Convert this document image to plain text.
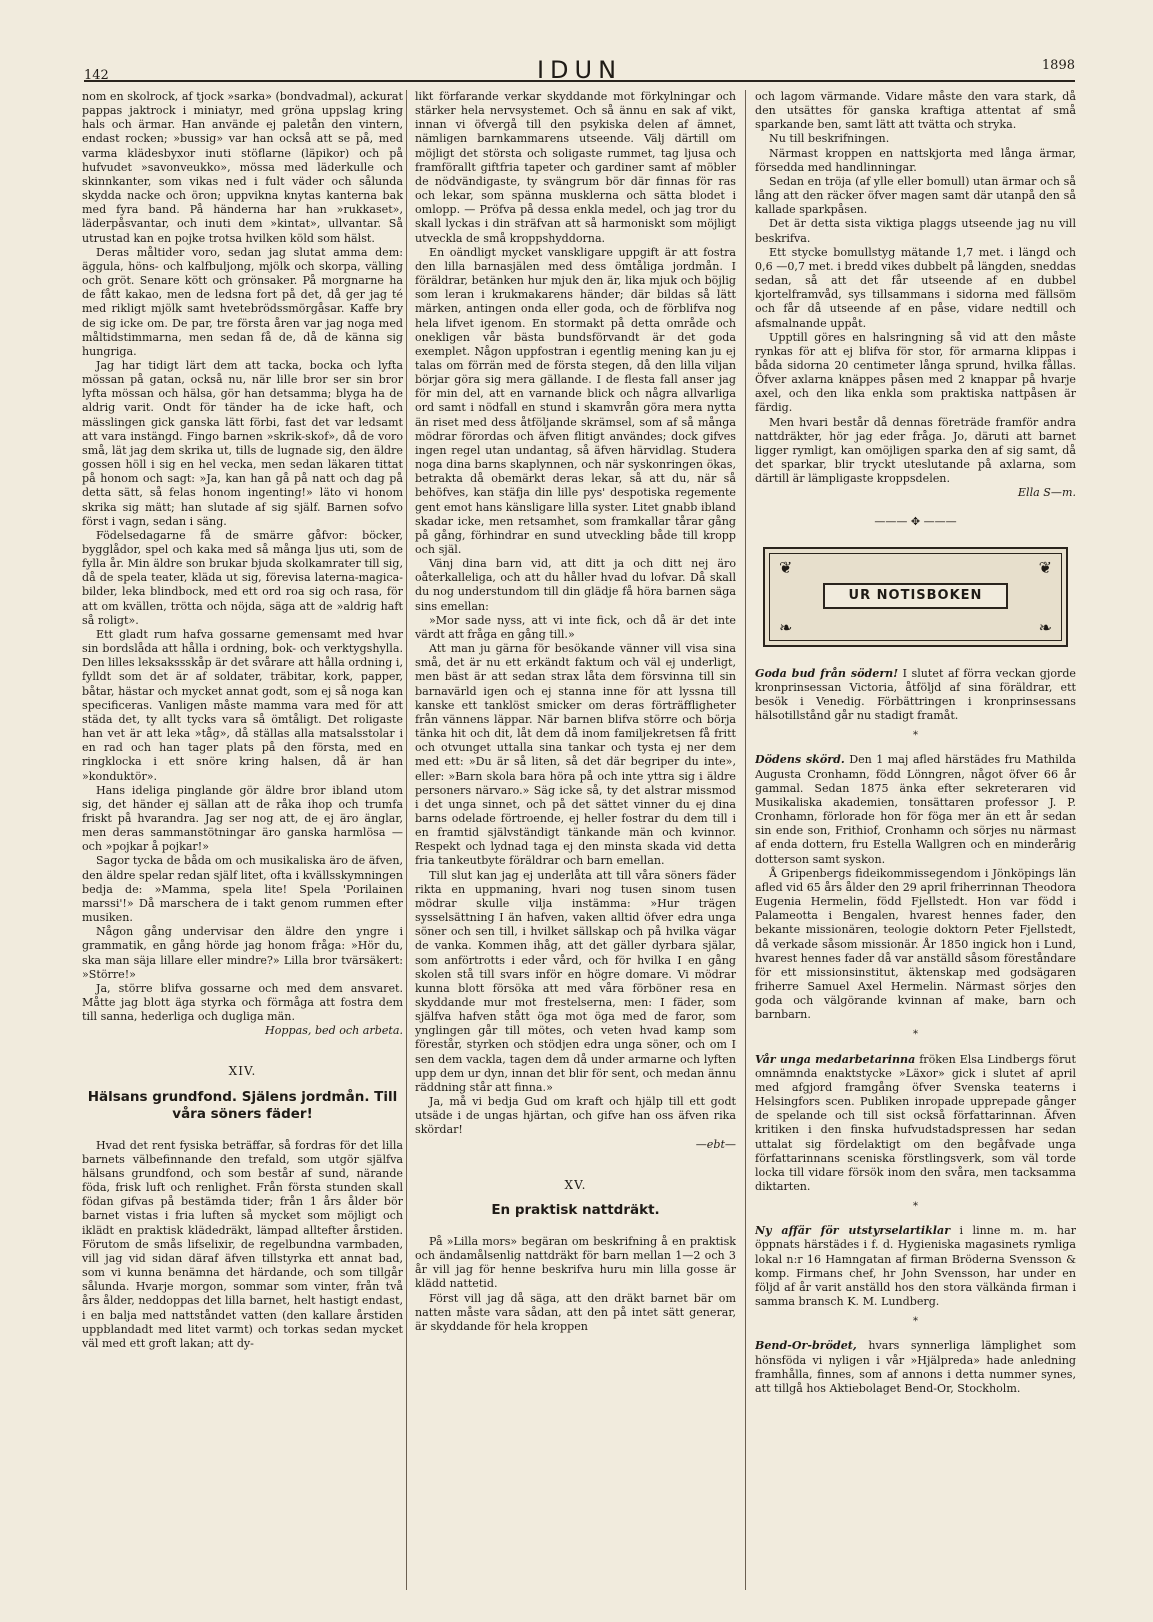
142	IDUN	1898

nom en skolrock, af tjock »sarka» (bondvadmal), ackurat pappas jaktrock i miniatyr, med gröna uppslag kring hals och ärmar. Han använde ej paletån den vintern, endast rocken; »bussig» var han också att se på, med varma klädesbyxor inuti stöflarne (läpikor) och på hufvudet »savonveukko», mössa med läderkulle och skinnkanter, som vikas ned i fult väder och sålunda skydda nacke och öron; uppvikna knytas kanterna bak med fyra band. På händerna har han »rukkaset», läderpåsvantar, och inuti dem »kintat», ullvantar. Så utrustad kan en pojke trotsa hvilken köld som hälst.

Deras måltider voro, sedan jag slutat amma dem: äggula, höns- och kalfbuljong, mjölk och skorpa, välling och gröt. Senare kött och grönsaker. På morgnarne ha de fått kakao, men de ledsna fort på det, då ger jag té med rikligt mjölk samt hvetebrödssmörgåsar. Kaffe bry de sig icke om. De par, tre första åren var jag noga med måltidstimmarna, men sedan få de, då de känna sig hungriga.

Jag har tidigt lärt dem att tacka, bocka och lyfta mössan på gatan, också nu, när lille bror ser sin bror lyfta mössan och hälsa, gör han detsamma; blyga ha de aldrig varit. Ondt för tänder ha de icke haft, och mässlingen gick ganska lätt förbi, fast det var ledsamt att vara instängd. Fingo barnen »skrik-skof», då de voro små, lät jag dem skrika ut, tills de lugnade sig, den äldre gossen höll i sig en hel vecka, men sedan läkaren tittat på honom och sagt: »Ja, kan han gå på natt och dag på detta sätt, så felas honom ingenting!» läto vi honom skrika sig mätt; han slutade af sig själf. Barnen sofvo först i vagn, sedan i säng.

Födelsedagarne få de smärre gåfvor: böcker, bygglådor, spel och kaka med så många ljus uti, som de fylla år. Min äldre son brukar bjuda skolkamrater till sig, då de spela teater, kläda ut sig, förevisa laterna-magica-bilder, leka blindbock, med ett ord roa sig och rasa, för att om kvällen, trötta och nöjda, säga att de »aldrig haft så roligt».

Ett gladt rum hafva gossarne gemensamt med hvar sin bordslåda att hålla i ordning, bok- och verktygshylla. Den lilles leksakssskåp är det svårare att hålla ordning i, fylldt som det är af soldater, träbitar, kork, papper, båtar, hästar och mycket annat godt, som ej så noga kan specificeras. Vanligen måste mamma vara med för att städa det, ty allt tycks vara så ömtåligt. Det roligaste han vet är att leka »tåg», då ställas alla matsalsstolar i en rad och han tager plats på den första, med en ringklocka i ett snöre kring halsen, då är han »konduktör».

Hans ideliga pinglande gör äldre bror ibland utom sig, det händer ej sällan att de råka ihop och trumfa friskt på hvarandra. Jag ser nog att, de ej äro änglar, men deras sammanstötningar äro ganska harmlösa — och »pojkar å pojkar!»

Sagor tycka de båda om och musikaliska äro de äfven, den äldre spelar redan själf litet, ofta i kvällsskymningen bedja de: »Mamma, spela lite! Spela 'Porilainen marssi'!» Då marschera de i takt genom rummen efter musiken.

Någon gång undervisar den äldre den yngre i grammatik, en gång hörde jag honom fråga: »Hör du, ska man säja lillare eller mindre?» Lilla bror tvärsäkert: »Större!»

Ja, större blifva gossarne och med dem ansvaret. Måtte jag blott äga styrka och förmåga att fostra dem till sanna, hederliga och dugliga män.

Hoppas, bed och arbeta.

XIV.
Hälsans grundfond. Själens jordmån. Till våra söners fäder!

Hvad det rent fysiska beträffar, så fordras för det lilla barnets välbefinnande den trefald, som utgör själfva hälsans grundfond, och som består af sund, närande föda, frisk luft och renlighet. Från första stunden skall födan gifvas på bestämda tider; från 1 års ålder bör barnet vistas i fria luften så mycket som möjligt och iklädt en praktisk klädedräkt, lämpad alltefter årstiden. Förutom de smås lifselixir, de regelbundna varmbaden, vill jag vid sidan däraf äfven tillstyrka ett annat bad, som vi kunna benämna det härdande, och som tillgår sålunda. Hvarje morgon, sommar som vinter, från två års ålder, neddoppas det lilla barnet, helt hastigt endast, i en balja med nattståndet vatten (den kallare årstiden uppblandadt med litet varmt) och torkas sedan mycket väl med ett groft lakan; att dy-

likt förfarande verkar skyddande mot förkylningar och stärker hela nervsystemet. Och så ännu en sak af vikt, innan vi öfvergå till den psykiska delen af ämnet, nämligen barnkammarens utseende. Välj därtill om möjligt det största och soligaste rummet, tag ljusa och framförallt giftfria tapeter och gardiner samt af möbler de nödvändigaste, ty svängrum bör där finnas för ras och lekar, som spänna musklerna och sätta blodet i omlopp. — Pröfva på dessa enkla medel, och jag tror du skall lyckas i din sträfvan att så harmoniskt som möjligt utveckla de små kroppshyddorna.

En oändligt mycket vanskligare uppgift är att fostra den lilla barnasjälen med dess ömtåliga jordmån. I föräldrar, betänken hur mjuk den är, lika mjuk och böjlig som leran i krukmakarens händer; där bildas så lätt märken, antingen onda eller goda, och de förblifva nog hela lifvet igenom. En stormakt på detta område och onekligen vår bästa bundsförvandt är det goda exemplet. Någon uppfostran i egentlig mening kan ju ej talas om förrän med de första stegen, då den lilla viljan börjar göra sig mera gällande. I de flesta fall anser jag för min del, att en varnande blick och några allvarliga ord samt i nödfall en stund i skamvrån göra mera nytta än riset med dess åtföljande skrämsel, som af så många mödrar förordas och äfven flitigt användes; dock gifves ingen regel utan undantag, så äfven härvidlag. Studera noga dina barns skaplynnen, och när syskonringen ökas, betrakta då obemärkt deras lekar, så att du, när så behöfves, kan stäfja din lille pys' despotiska regemente gent emot hans känsligare lilla syster. Litet gnabb ibland skadar icke, men retsamhet, som framkallar tårar gång på gång, förhindrar en sund utveckling både till kropp och själ.

Vänj dina barn vid, att ditt ja och ditt nej äro oåterkalleliga, och att du håller hvad du lofvar. Då skall du nog understundom till din glädje få höra barnen säga sins emellan:

»Mor sade nyss, att vi inte fick, och då är det inte värdt att fråga en gång till.»

Att man ju gärna för besökande vänner vill visa sina små, det är nu ett erkändt faktum och väl ej underligt, men bäst är att sedan strax låta dem försvinna till sin barnavärld igen och ej stanna inne för att lyssna till kanske ett tanklöst smicker om deras förträffligheter från vännens läppar. När barnen blifva större och börja tänka hit och dit, låt dem då inom familjekretsen få fritt och otvunget uttalla sina tankar och tysta ej ner dem med ett: »Du är så liten, så det där begriper du inte», eller: »Barn skola bara höra på och inte yttra sig i äldre personers närvaro.» Säg icke så, ty det alstrar missmod i det unga sinnet, och på det sättet vinner du ej dina barns odelade förtroende, ej heller fostrar du dem till i en framtid självständigt tänkande män och kvinnor. Respekt och lydnad taga ej den minsta skada vid detta fria tankeutbyte föräldrar och barn emellan.

Till slut kan jag ej underlåta att till våra söners fäder rikta en uppmaning, hvari nog tusen sinom tusen mödrar skulle vilja instämma: »Hur trägen sysselsättning I än hafven, vaken alltid öfver edra unga söner och sen till, i hvilket sällskap och på hvilka vägar de vanka. Kommen ihåg, att det gäller dyrbara själar, som anförtrotts i eder vård, och för hvilka I en gång skolen stå till svars inför en högre domare. Vi mödrar kunna blott försöka att med våra förböner resa en skyddande mur mot frestelserna, men: I fäder, som själfva hafven stått öga mot öga med de faror, som ynglingen går till mötes, och veten hvad kamp som förestår, styrken och stödjen edra unga söner, och om I sen dem vackla, tagen dem då under armarne och lyften upp dem ur dyn, innan det blir för sent, och medan ännu räddning står att finna.»

Ja, må vi bedja Gud om kraft och hjälp till ett godt utsäde i de ungas hjärtan, och gifve han oss äfven rika skördar!

—ebt—

XV.
En praktisk nattdräkt.

På »Lilla mors» begäran om beskrifning å en praktisk och ändamålsenlig nattdräkt för barn mellan 1—2 och 3 år vill jag för henne beskrifva huru min lilla gosse är klädd nattetid.

Först vill jag då säga, att den dräkt barnet bär om natten måste vara sådan, att den på intet sätt generar, är skyddande för hela kroppen

och lagom värmande. Vidare måste den vara stark, då den utsättes för ganska kraftiga attentat af små sparkande ben, samt lätt att tvätta och stryka.

Nu till beskrifningen.

Närmast kroppen en nattskjorta med långa ärmar, försedda med handlinningar.

Sedan en tröja (af ylle eller bomull) utan ärmar och så lång att den räcker öfver magen samt där utanpå den så kallade sparkpåsen.

Det är detta sista viktiga plaggs utseende jag nu vill beskrifva.

Ett stycke bomullstyg mätande 1,7 met. i längd och 0,6 —0,7 met. i bredd vikes dubbelt på längden, sneddas sedan, så att det får utseende af en dubbel kjortelframvåd, sys tillsammans i sidorna med fällsöm och får då utseende af en påse, vidare nedtill och afsmalnande uppåt.

Upptill göres en halsringning så vid att den måste rynkas för att ej blifva för stor, för armarna klippas i båda sidorna 20 centimeter långa sprund, hvilka fållas. Öfver axlarna knäppes påsen med 2 knappar på hvarje axel, och den lika enkla som praktiska nattpåsen är färdig.

Men hvari består då dennas företräde framför andra nattdräkter, hör jag eder fråga. Jo, däruti att barnet ligger rymligt, kan omöjligen sparka den af sig samt, då det sparkar, blir tryckt uteslutande på axlarna, som därtill är lämpligaste kroppsdelen.

Ella S—m.

——— ✥ ———
❦	❦
❧	❧
UR NOTISBOKEN

Goda bud från södern! I slutet af förra veckan gjorde kronprinsessan Victoria, åtföljd af sina föräldrar, ett besök i Venedig. Förbättringen i kronprinsessans hälsotillstånd går nu stadigt framåt.

*

Dödens skörd. Den 1 maj afled härstädes fru Mathilda Augusta Cronhamn, född Lönngren, något öfver 66 år gammal. Sedan 1875 änka efter sekreteraren vid Musikaliska akademien, tonsättaren professor J. P. Cronhamn, förlorade hon för föga mer än ett år sedan sin ende son, Frithiof, Cronhamn och sörjes nu närmast af enda dottern, fru Estella Wallgren och en minderårig dotterson samt syskon.

Å Gripenbergs fideikommissegendom i Jönköpings län afled vid 65 års ålder den 29 april friherrinnan Theodora Eugenia Hermelin, född Fjellstedt. Hon var född i Palameotta i Bengalen, hvarest hennes fader, den bekante missionären, teologie doktorn Peter Fjellstedt, då verkade såsom missionär. År 1850 ingick hon i Lund, hvarest hennes fader då var anställd såsom föreståndare för ett missionsinstitut, äktenskap med godsägaren friherre Samuel Axel Hermelin. Närmast sörjes den goda och välgörande kvinnan af make, barn och barnbarn.

*

Vår unga medarbetarinna fröken Elsa Lindbergs förut omnämnda enaktstycke »Läxor» gick i slutet af april med afgjord framgång öfver Svenska teaterns i Helsingfors scen. Publiken inropade upprepade gånger de spelande och till sist också författarinnan. Äfven kritiken i den finska hufvudstadspressen har sedan uttalat sig fördelaktigt om den begåfvade unga författarinnans sceniska förstlingsverk, som väl torde locka till vidare försök inom den svåra, men tacksamma diktarten.

*

Ny affär för utstyrselartiklar i linne m. m. har öppnats härstädes i f. d. Hygieniska magasinets rymliga lokal n:r 16 Hamngatan af firman Bröderna Svensson & komp. Firmans chef, hr John Svensson, har under en följd af år varit anställd hos den stora välkända firman i samma bransch K. M. Lundberg.

*

Bend-Or-brödet, hvars synnerliga lämplighet som hönsföda vi nyligen i vår »Hjälpreda» hade anledning framhålla, finnes, som af annons i detta nummer synes, att tillgå hos Aktiebolaget Bend-Or, Stockholm.
